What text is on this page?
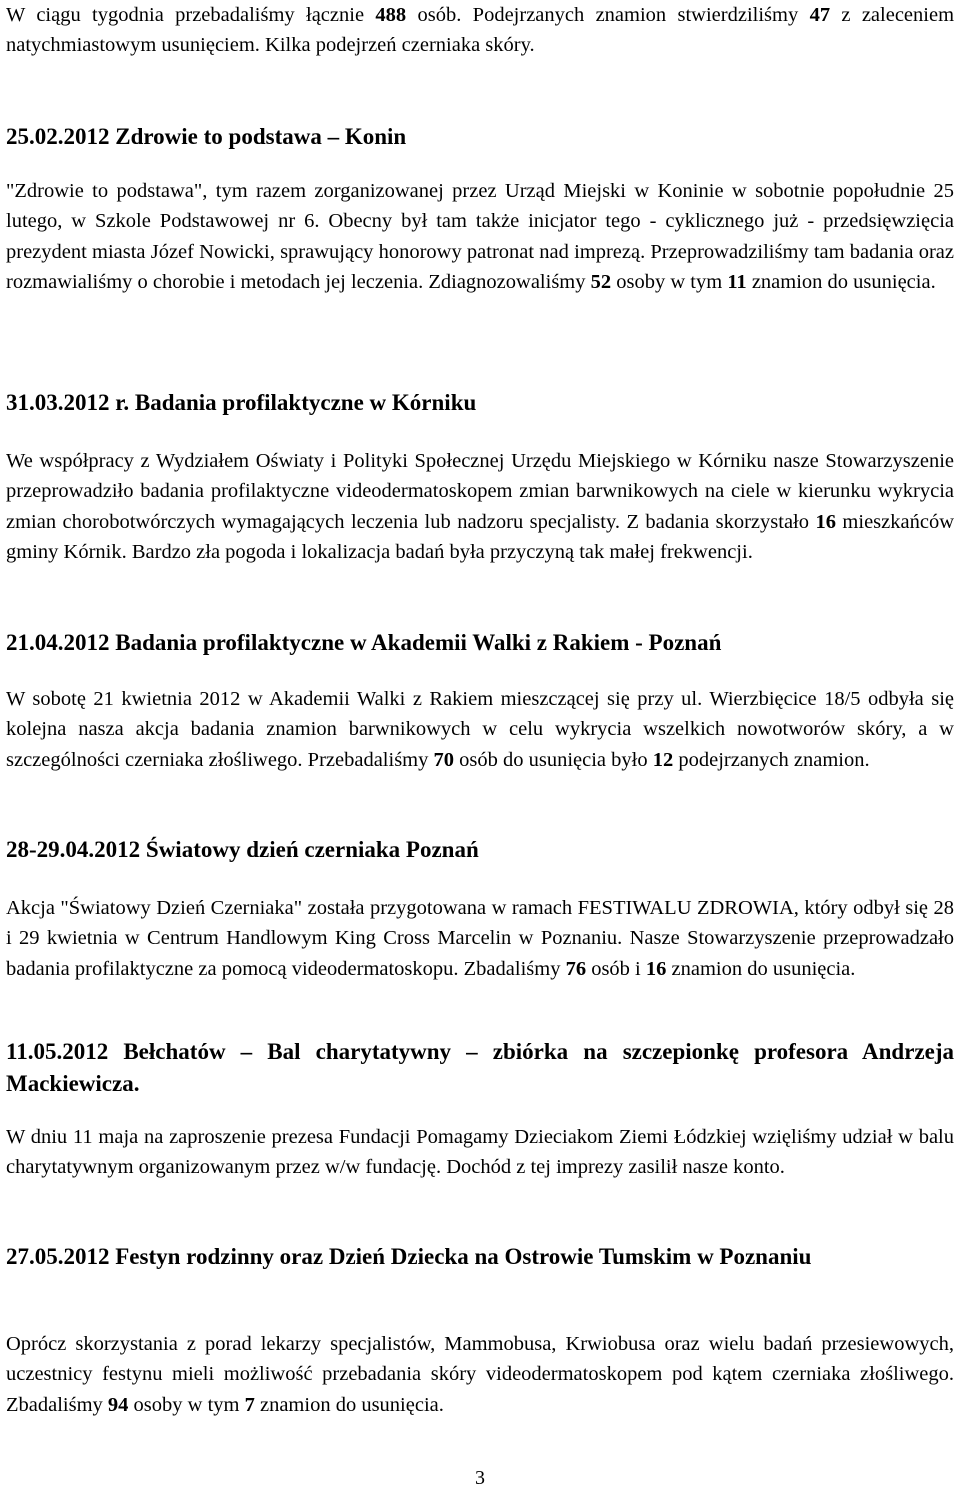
W ciągu tygodnia przebadaliśmy łącznie 488 osób. Podejrzanych znamion stwierdziliśmy 47 z zaleceniem natychmiastowym usunięciem. Kilka podejrzeń czerniaka skóry.
25.02.2012 Zdrowie to podstawa – Konin
"Zdrowie to podstawa", tym razem zorganizowanej przez Urząd Miejski w Koninie w sobotnie popołudnie 25 lutego, w Szkole Podstawowej nr 6. Obecny był tam także inicjator tego - cyklicznego już - przedsięwzięcia prezydent miasta Józef Nowicki, sprawujący honorowy patronat nad imprezą. Przeprowadziliśmy tam badania oraz rozmawialiśmy o chorobie i metodach jej leczenia. Zdiagnozowaliśmy 52 osoby w tym 11 znamion do usunięcia.
31.03.2012 r. Badania profilaktyczne w Kórniku
We współpracy z Wydziałem Oświaty i Polityki Społecznej Urzędu Miejskiego w Kórniku nasze Stowarzyszenie przeprowadziło badania profilaktyczne videodermatoskopem zmian barwnikowych na ciele w kierunku wykrycia zmian chorobotwórczych wymagających leczenia lub nadzoru specjalisty. Z badania skorzystało 16 mieszkańców gminy Kórnik. Bardzo zła pogoda i lokalizacja badań była przyczyną tak małej frekwencji.
21.04.2012 Badania profilaktyczne w Akademii Walki z Rakiem - Poznań
W sobotę 21 kwietnia 2012 w Akademii Walki z Rakiem mieszczącej się przy ul. Wierzbięcice 18/5 odbyła się kolejna nasza akcja badania znamion barwnikowych w celu wykrycia wszelkich nowotworów skóry, a w szczególności czerniaka złośliwego. Przebadaliśmy 70 osób do usunięcia było 12 podejrzanych znamion.
28-29.04.2012 Światowy dzień czerniaka Poznań
Akcja "Światowy Dzień Czerniaka" została przygotowana w ramach FESTIWALU ZDROWIA, który odbył się 28 i 29 kwietnia w Centrum Handlowym King Cross Marcelin w Poznaniu. Nasze Stowarzyszenie przeprowadzało badania profilaktyczne za pomocą videodermatoskopu. Zbadaliśmy 76 osób i 16 znamion do usunięcia.
11.05.2012 Bełchatów – Bal charytatywny – zbiórka na szczepionkę profesora Andrzeja Mackiewicza.
W dniu 11 maja na zaproszenie prezesa Fundacji Pomagamy Dzieciakom Ziemi Łódzkiej wzięliśmy udział w balu charytatywnym organizowanym przez w/w fundację. Dochód z tej imprezy zasilił nasze konto.
27.05.2012 Festyn rodzinny oraz Dzień Dziecka na Ostrowie Tumskim w Poznaniu
Oprócz skorzystania z porad lekarzy specjalistów, Mammobusa, Krwiobusa oraz wielu badań przesiewowych, uczestnicy festynu mieli możliwość przebadania skóry videodermatoskopem pod kątem czerniaka złośliwego. Zbadaliśmy 94 osoby w tym 7 znamion do usunięcia.
3
